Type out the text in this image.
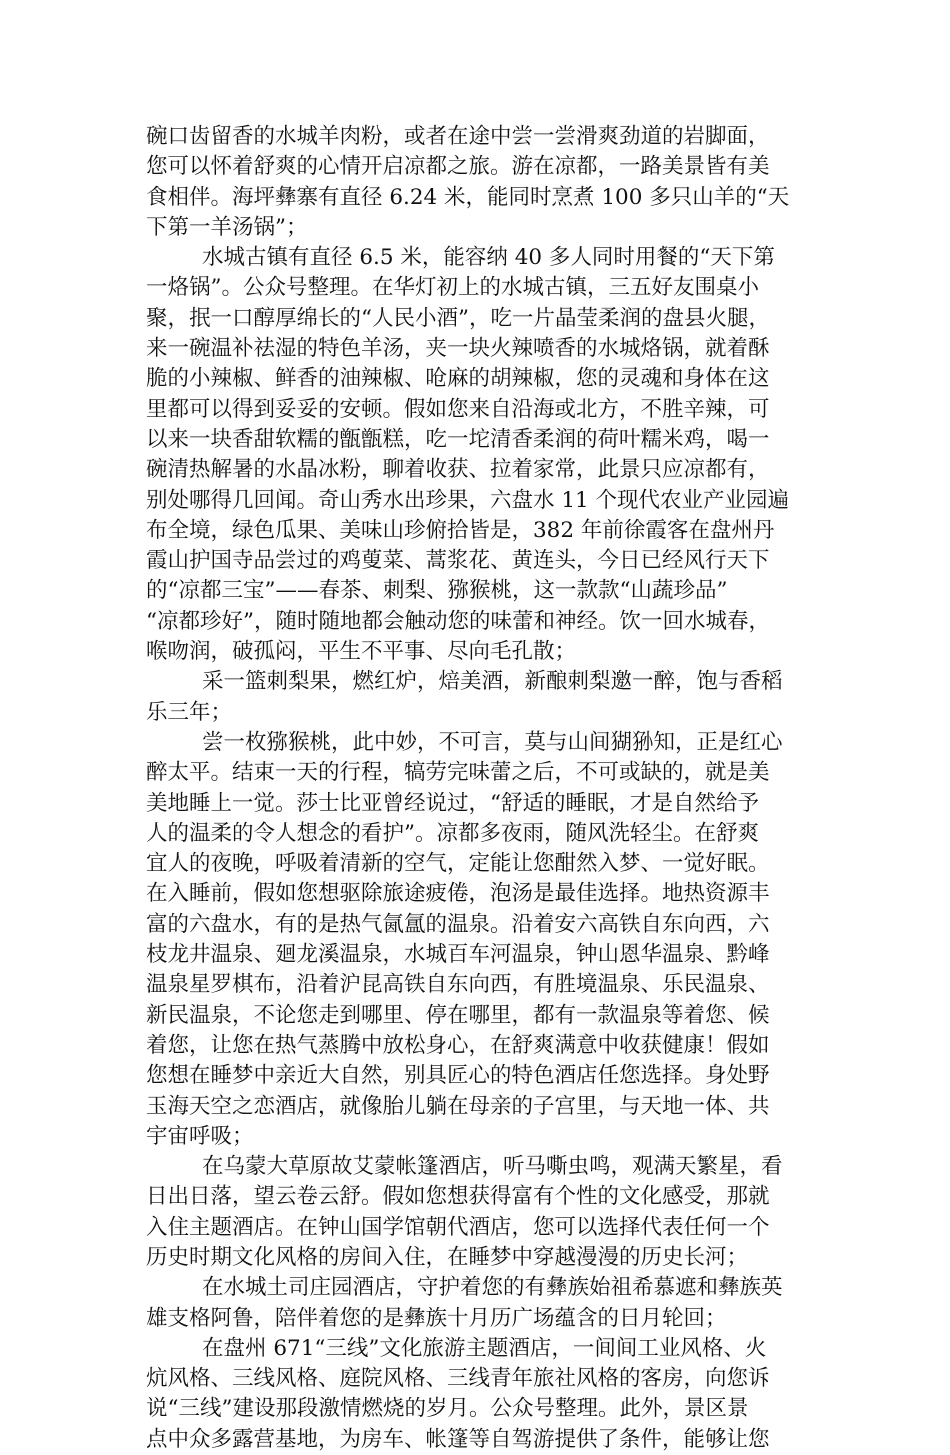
碗口齿留香的水城羊肉粉，或者在途中尝一尝滑爽劲道的岩脚面，
您可以怀着舒爽的心情开启凉都之旅。游在凉都，一路美景皆有美
食相伴。海坪彝寨有直径 6.24 米，能同时烹煮 100 多只山羊的“天
下第一羊汤锅”；
水城古镇有直径 6.5 米，能容纳 40 多人同时用餐的“天下第
一烙锅”。公众号整理。在华灯初上的水城古镇，三五好友围桌小
聚，抿一口醇厚绵长的“人民小酒”，吃一片晶莹柔润的盘县火腿，
来一碗温补祛湿的特色羊汤，夹一块火辣喷香的水城烙锅，就着酥
脆的小辣椒、鲜香的油辣椒、呛麻的胡辣椒，您的灵魂和身体在这
里都可以得到妥妥的安顿。假如您来自沿海或北方，不胜辛辣，可
以来一块香甜软糯的甑甑糕，吃一坨清香柔润的荷叶糯米鸡，喝一
碗清热解暑的水晶冰粉，聊着收获、拉着家常，此景只应凉都有，
别处哪得几回闻。奇山秀水出珍果，六盘水 11 个现代农业产业园遍
布全境，绿色瓜果、美味山珍俯拾皆是，382 年前徐霞客在盘州丹
霞山护国寺品尝过的鸡蓃菜、蒿浆花、黄连头，今日已经风行天下
的“凉都三宝”——春茶、刺梨、猕猴桃，这一款款“山蔬珍品”
“凉都珍好”，随时随地都会触动您的味蕾和神经。饮一回水城春，
喉吻润，破孤闷，平生不平事、尽向毛孔散；
采一篮刺梨果，燃红炉，焙美酒，新酿刺梨邀一醉，饱与香稻
乐三年；
尝一枚猕猴桃，此中妙，不可言，莫与山间猢狲知，正是红心
醉太平。结束一天的行程，犒劳完味蕾之后，不可或缺的，就是美
美地睡上一觉。莎士比亚曾经说过，“舒适的睡眠，才是自然给予
人的温柔的令人想念的看护”。凉都多夜雨，随风洗轻尘。在舒爽
宜人的夜晚，呼吸着清新的空气，定能让您酣然入梦、一觉好眠。
在入睡前，假如您想驱除旅途疲倦，泡汤是最佳选择。地热资源丰
富的六盘水，有的是热气氤氲的温泉。沿着安六高铁自东向西，六
枝龙井温泉、廻龙溪温泉，水城百车河温泉，钟山恩华温泉、黔峰
温泉星罗棋布，沿着沪昆高铁自东向西，有胜境温泉、乐民温泉、
新民温泉，不论您走到哪里、停在哪里，都有一款温泉等着您、候
着您，让您在热气蒸腾中放松身心，在舒爽满意中收获健康！假如
您想在睡梦中亲近大自然，别具匠心的特色酒店任您选择。身处野
玉海天空之恋酒店，就像胎儿躺在母亲的子宫里，与天地一体、共
宇宙呼吸；
在乌蒙大草原故艾蒙帐篷酒店，听马嘶虫鸣，观满天繁星，看
日出日落，望云卷云舒。假如您想获得富有个性的文化感受，那就
入住主题酒店。在钟山国学馆朝代酒店，您可以选择代表任何一个
历史时期文化风格的房间入住，在睡梦中穿越漫漫的历史长河；
在水城土司庄园酒店，守护着您的有彝族始祖希慕遮和彝族英
雄支格阿鲁，陪伴着您的是彝族十月历广场蕴含的日月轮回；
在盘州 671“三线”文化旅游主题酒店，一间间工业风格、火
炕风格、三线风格、庭院风格、三线青年旅社风格的客房，向您诉
说“三线”建设那段激情燃烧的岁月。公众号整理。此外，景区景
点中众多露营基地，为房车、帐篷等自驾游提供了条件，能够让您
